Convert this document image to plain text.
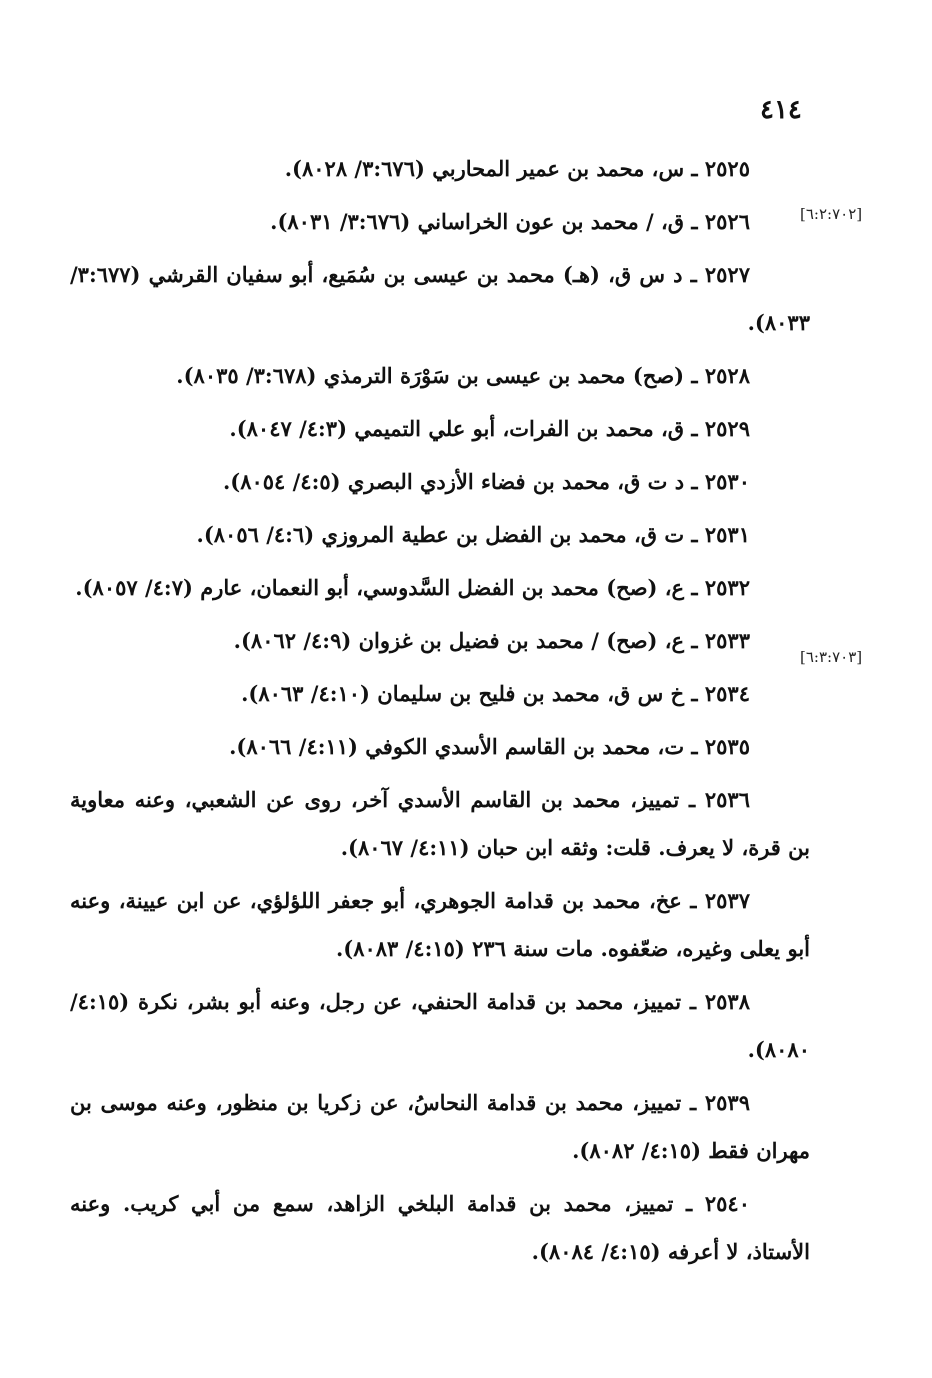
٤١٤
[٦:٢:٧٠٢]
[٦:٣:٧٠٣]

٢٥٢٥ ـ س، محمد بن عمير المحاربي (٣:٦٧٦/ ٨٠٢٨).

٢٥٢٦ ـ ق، / محمد بن عون الخراساني (٣:٦٧٦/ ٨٠٣١).

٢٥٢٧ ـ د س ق، (هـ) محمد بن عيسى بن سُمَيع، أبو سفيان القرشي (٣:٦٧٧/ ٨٠٣٣).

٢٥٢٨ ـ (صح) محمد بن عيسى بن سَوْرَة الترمذي (٣:٦٧٨/ ٨٠٣٥).

٢٥٢٩ ـ ق، محمد بن الفرات، أبو علي التميمي (٤:٣/ ٨٠٤٧).

٢٥٣٠ ـ د ت ق، محمد بن فضاء الأزدي البصري (٤:٥/ ٨٠٥٤).

٢٥٣١ ـ ت ق، محمد بن الفضل بن عطية المروزي (٤:٦/ ٨٠٥٦).

٢٥٣٢ ـ ع، (صح) محمد بن الفضل السَّدوسي، أبو النعمان، عارم (٤:٧/ ٨٠٥٧).

٢٥٣٣ ـ ع، (صح) / محمد بن فضيل بن غزوان (٤:٩/ ٨٠٦٢).

٢٥٣٤ ـ خ س ق، محمد بن فليح بن سليمان (٤:١٠/ ٨٠٦٣).

٢٥٣٥ ـ ت، محمد بن القاسم الأسدي الكوفي (٤:١١/ ٨٠٦٦).

٢٥٣٦ ـ تمييز، محمد بن القاسم الأسدي آخر، روى عن الشعبي، وعنه معاوية بن قرة، لا يعرف. قلت: وثقه ابن حبان (٤:١١/ ٨٠٦٧).

٢٥٣٧ ـ عخ، محمد بن قدامة الجوهري، أبو جعفر اللؤلؤي، عن ابن عيينة، وعنه أبو يعلى وغيره، ضعّفوه. مات سنة ٢٣٦ (٤:١٥/ ٨٠٨٣).

٢٥٣٨ ـ تمييز، محمد بن قدامة الحنفي، عن رجل، وعنه أبو بشر، نكرة (٤:١٥/ ٨٠٨٠).

٢٥٣٩ ـ تمييز، محمد بن قدامة النحاسُ، عن زكريا بن منظور، وعنه موسى بن مهران فقط (٤:١٥/ ٨٠٨٢).

٢٥٤٠ ـ تمييز، محمد بن قدامة البلخي الزاهد، سمع من أبي كريب. وعنه الأستاذ، لا أعرفه (٤:١٥/ ٨٠٨٤).
